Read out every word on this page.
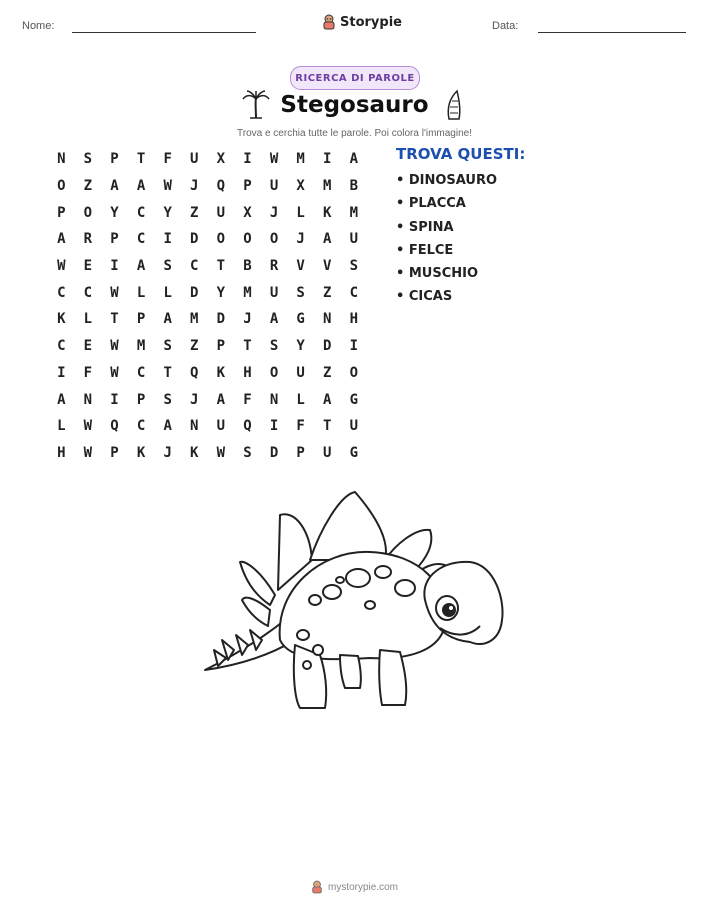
Nome:	Storypie	Data:
RICERCA DI PAROLE
Stegosauro
Trova e cerchia tutte le parole. Poi colora l'immagine!
N	S	P	T	F	U	X	I	W	M	I	A
O	Z	A	A	W	J	Q	P	U	X	M	B
P	O	Y	C	Y	Z	U	X	J	L	K	M
A	R	P	C	I	D	O	O	O	J	A	U
W	E	I	A	S	C	T	B	R	V	V	S
C	C	W	L	L	D	Y	M	U	S	Z	C
K	L	T	P	A	M	D	J	A	G	N	H
C	E	W	M	S	Z	P	T	S	Y	D	I
I	F	W	C	T	Q	K	H	O	U	Z	O
A	N	I	P	S	J	A	F	N	L	A	G
L	W	Q	C	A	N	U	Q	I	F	T	U
H	W	P	K	J	K	W	S	D	P	U	G
TROVA QUESTI:
• DINOSAURO
• PLACCA
• SPINA
• FELCE
• MUSCHIO
• CICAS
mystorypie.com
